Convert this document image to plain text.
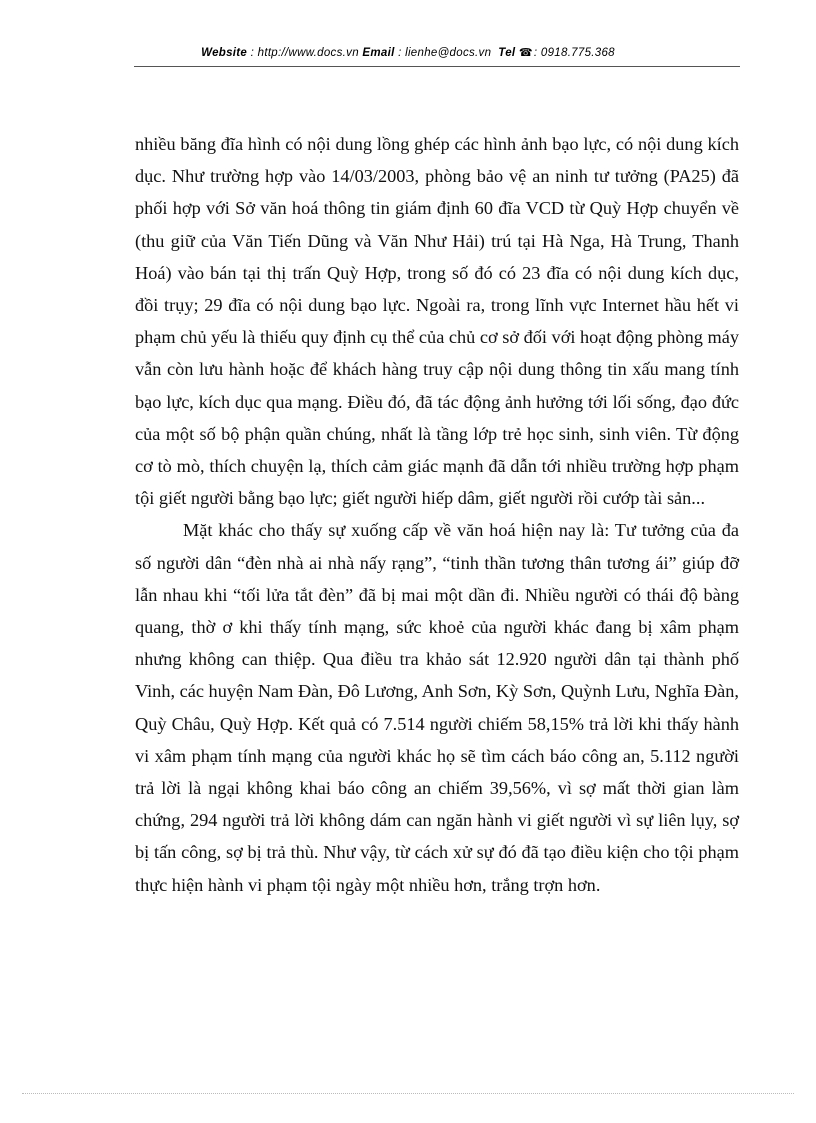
Website : http://www.docs.vn Email : lienhe@docs.vn Tel ☎: 0918.775.368

nhiều băng đĩa hình có nội dung lồng ghép các hình ảnh bạo lực, có nội dung kích dục. Như trường hợp vào 14/03/2003, phòng bảo vệ an ninh tư tưởng (PA25) đã phối hợp với Sở văn hoá thông tin giám định 60 đĩa VCD từ Quỳ Hợp chuyển về (thu giữ của Văn Tiến Dũng và Văn Như Hải) trú tại Hà Nga, Hà Trung, Thanh Hoá) vào bán tại thị trấn Quỳ Hợp, trong số đó có 23 đĩa có nội dung kích dục, đồi trụy; 29 đĩa có nội dung bạo lực. Ngoài ra, trong lĩnh vực Internet hầu hết vi phạm chủ yếu là thiếu quy định cụ thể của chủ cơ sở đối với hoạt động phòng máy vẫn còn lưu hành hoặc để khách hàng truy cập nội dung thông tin xấu mang tính bạo lực, kích dục qua mạng. Điều đó, đã tác động ảnh hưởng tới lối sống, đạo đức của một số bộ phận quần chúng, nhất là tầng lớp trẻ học sinh, sinh viên. Từ động cơ tò mò, thích chuyện lạ, thích cảm giác mạnh đã dẫn tới nhiều trường hợp phạm tội giết người bằng bạo lực; giết người hiếp dâm, giết người rồi cướp tài sản...

Mặt khác cho thấy sự xuống cấp về văn hoá hiện nay là: Tư tưởng của đa số người dân “đèn nhà ai nhà nấy rạng”, “tinh thần tương thân tương ái” giúp đỡ lẫn nhau khi “tối lửa tắt đèn” đã bị mai một dần đi. Nhiều người có thái độ bàng quang, thờ ơ khi thấy tính mạng, sức khoẻ của người khác đang bị xâm phạm nhưng không can thiệp. Qua điều tra khảo sát 12.920 người dân tại thành phố Vinh, các huyện Nam Đàn, Đô Lương, Anh Sơn, Kỳ Sơn, Quỳnh Lưu, Nghĩa Đàn, Quỳ Châu, Quỳ Hợp. Kết quả có 7.514 người chiếm 58,15% trả lời khi thấy hành vi xâm phạm tính mạng của người khác họ sẽ tìm cách báo công an, 5.112 người trả lời là ngại không khai báo công an chiếm 39,56%, vì sợ mất thời gian làm chứng, 294 người trả lời không dám can ngăn hành vi giết người vì sự liên lụy, sợ bị tấn công, sợ bị trả thù. Như vậy, từ cách xử sự đó đã tạo điều kiện cho tội phạm thực hiện hành vi phạm tội ngày một nhiều hơn, trắng trợn hơn.
